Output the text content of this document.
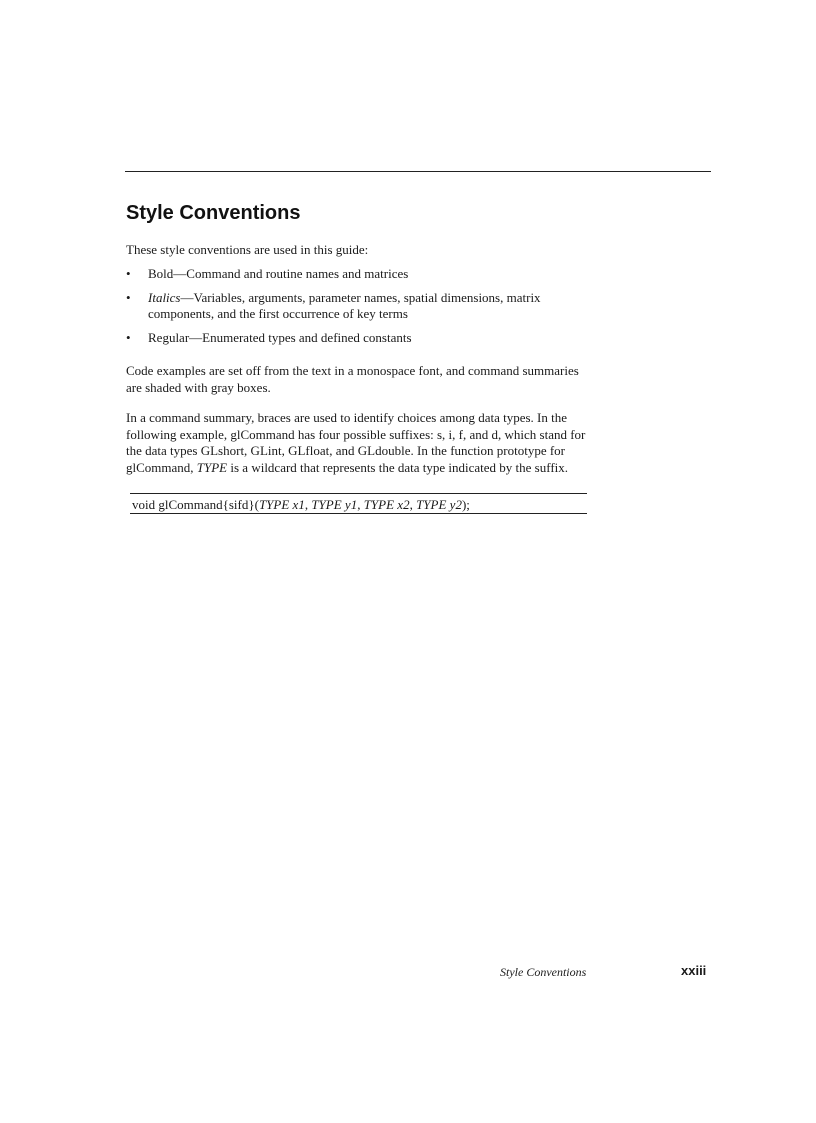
Style Conventions

These style conventions are used in this guide:

• Bold—Command and routine names and matrices
• Italics—Variables, arguments, parameter names, spatial dimensions, matrix components, and the first occurrence of key terms
• Regular—Enumerated types and defined constants

Code examples are set off from the text in a monospace font, and command summaries are shaded with gray boxes.

In a command summary, braces are used to identify choices among data types. In the following example, glCommand has four possible suffixes: s, i, f, and d, which stand for the data types GLshort, GLint, GLfloat, and GLdouble. In the function prototype for glCommand, TYPE is a wildcard that represents the data type indicated by the suffix.

void glCommand{sifd}(TYPE x1, TYPE y1, TYPE x2, TYPE y2);
Style Conventions	xxiii
